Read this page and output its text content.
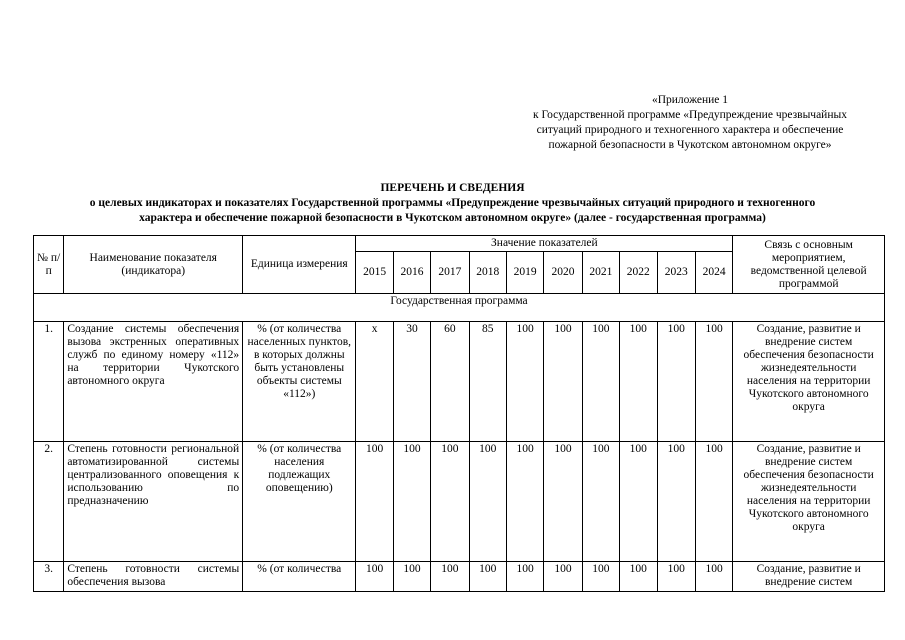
«Приложение 1
к Государственной программе «Предупреждение чрезвычайных
ситуаций природного и техногенного характера и обеспечение
пожарной безопасности в Чукотском автономном округе»
ПЕРЕЧЕНЬ И СВЕДЕНИЯ
о целевых индикаторах и показателях Государственной программы «Предупреждение чрезвычайных ситуаций природного и техногенного
характера и обеспечение пожарной безопасности в Чукотском автономном округе» (далее - государственная программа)
№ п/п	Наименование показателя (индикатора)	Единица измерения	Значение показателей										Связь с основным мероприятием, ведомственной целевой программой
			2015	2016	2017	2018	2019	2020	2021	2022	2023	2024	
Государственная программа													
1.	Создание системы обеспечения вызова экстренных оперативных служб по единому номеру «112» на территории Чукотского автономного округа	% (от количества населенных пунктов, в которых должны быть установлены объекты системы «112»)	х	30	60	85	100	100	100	100	100	100	Создание, развитие и внедрение систем обеспечения безопасности жизнедеятельности населения на территории Чукотского автономного округа
2.	Степень готовности региональной автоматизированной системы централизованного оповещения к использованию по предназначению	% (от количества населения подлежащих оповещению)	100	100	100	100	100	100	100	100	100	100	Создание, развитие и внедрение систем обеспечения безопасности жизнедеятельности населения на территории Чукотского автономного округа
3.	Степень готовности системы обеспечения вызова	% (от количества	100	100	100	100	100	100	100	100	100	100	Создание, развитие и внедрение систем
